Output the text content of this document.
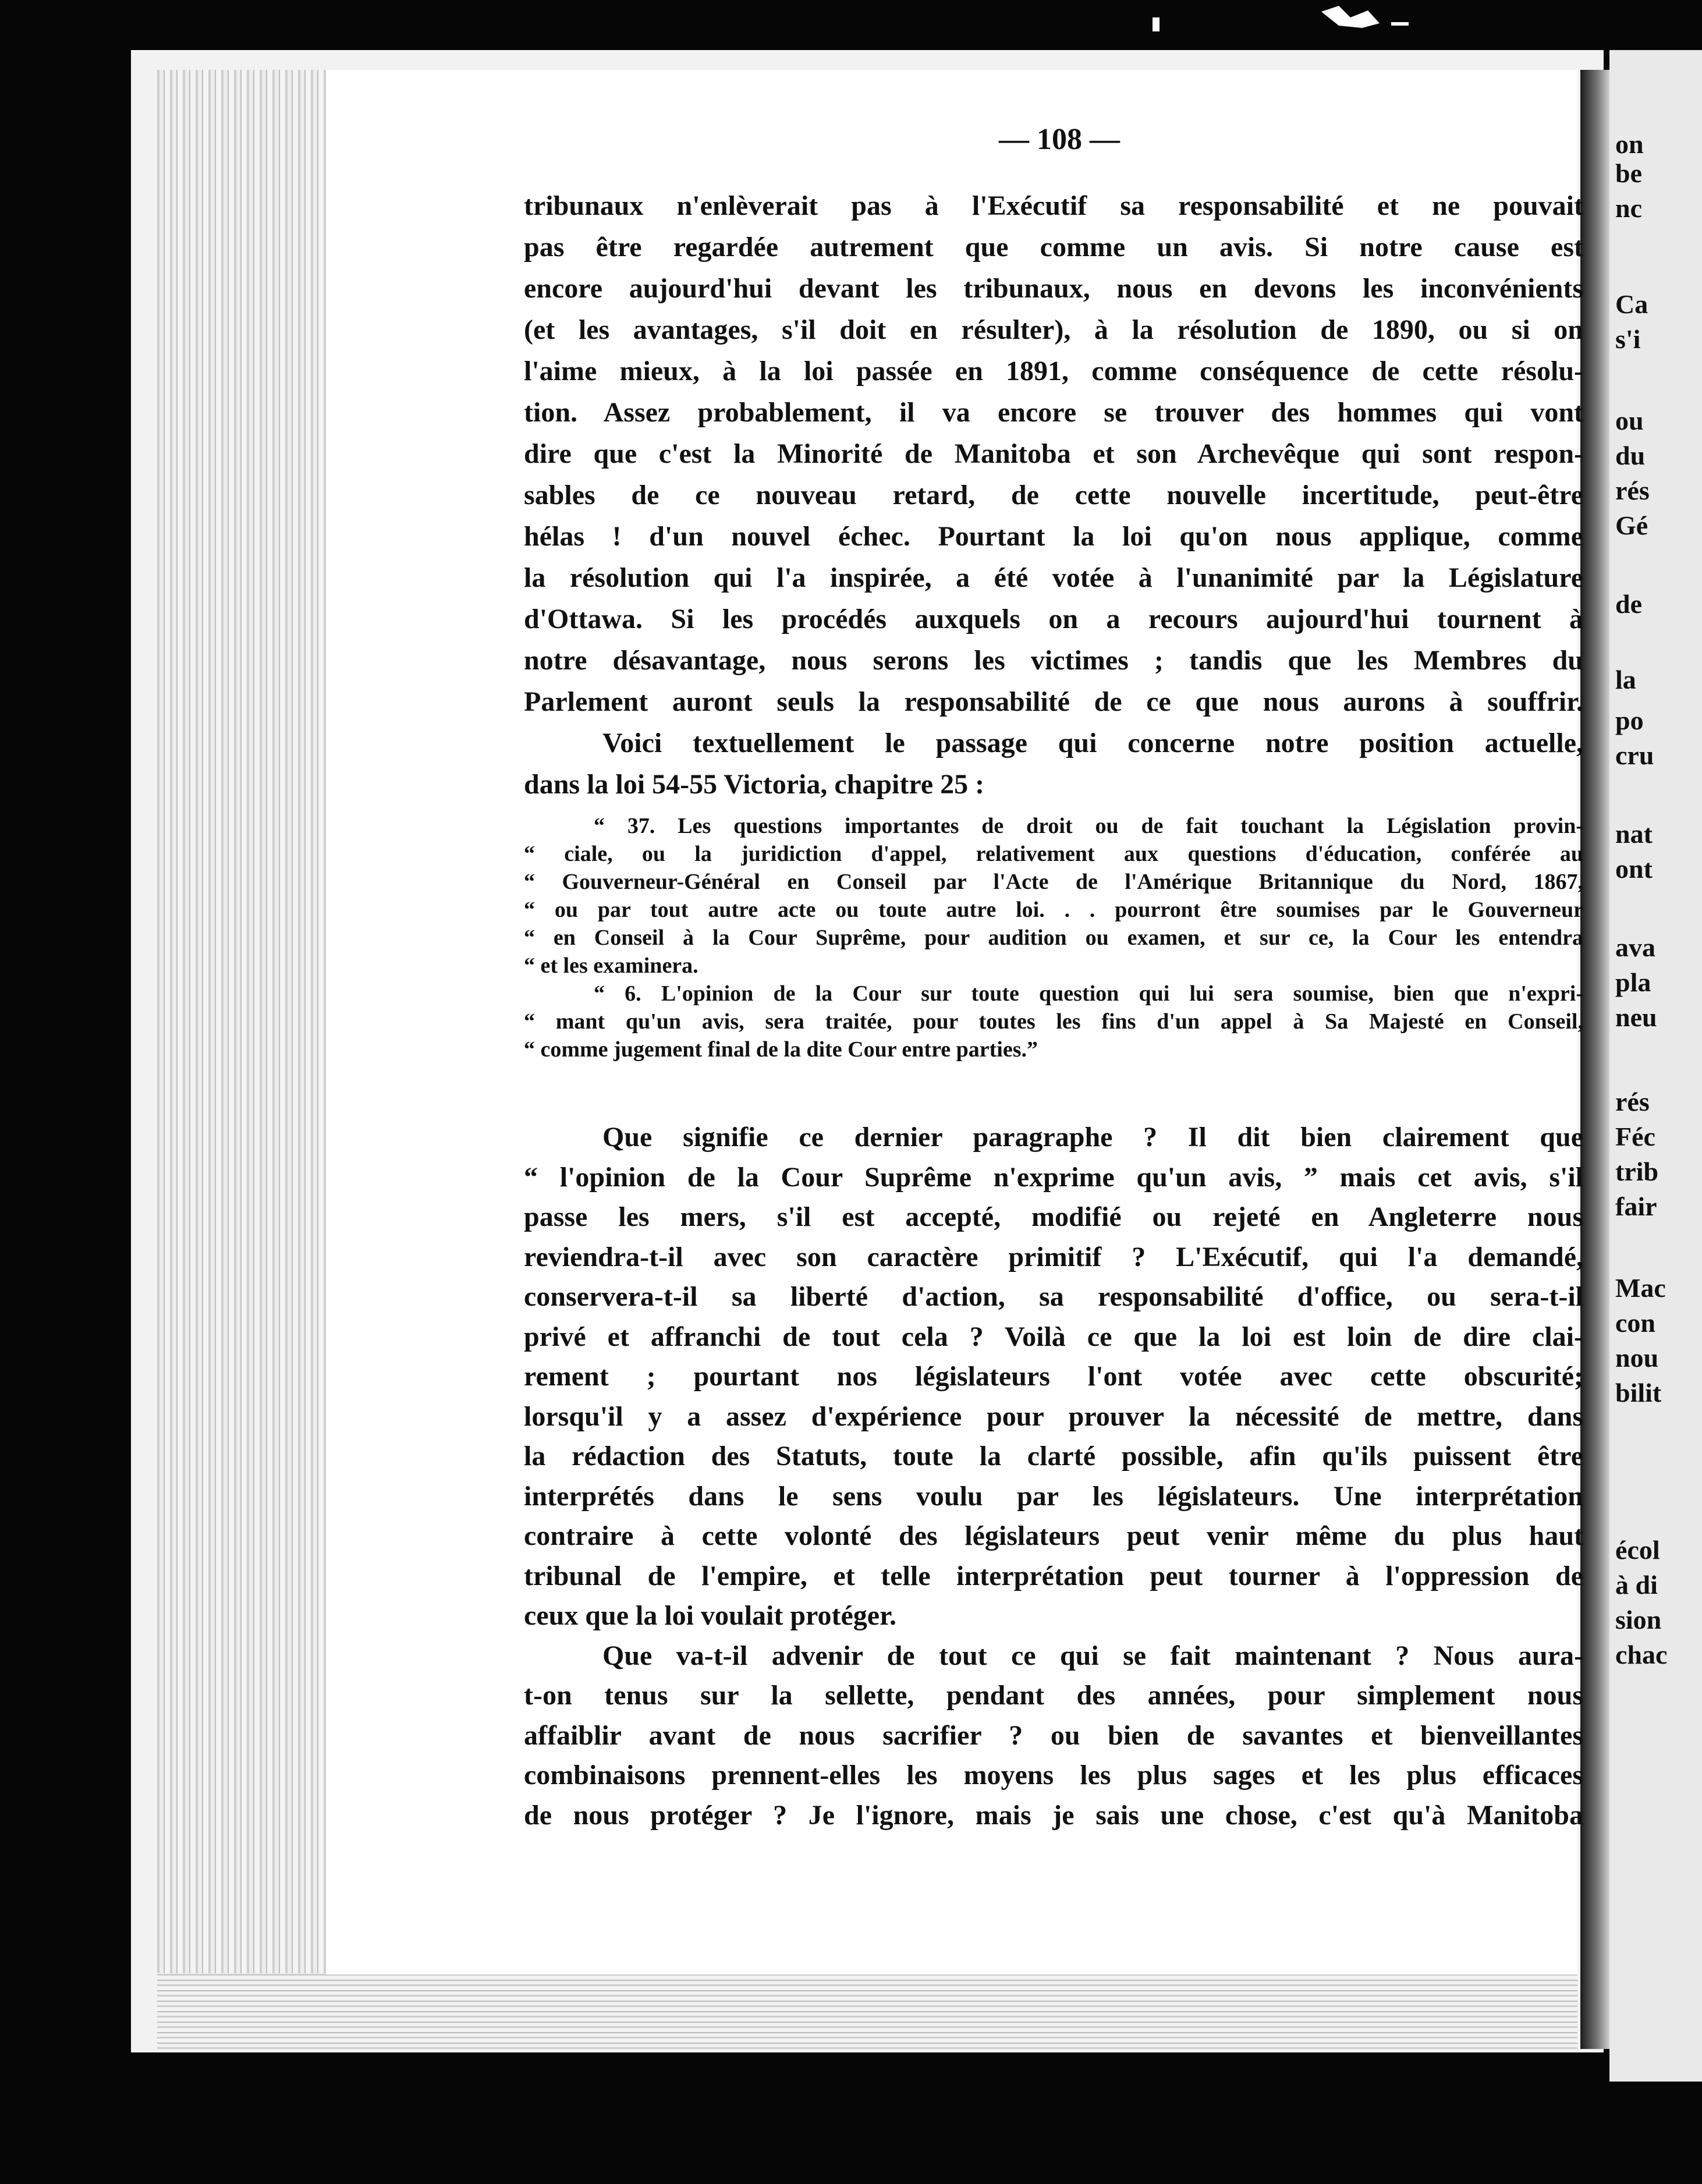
— 108 —
tribunaux n'enlèverait pas à l'Exécutif sa responsabilité et ne pouvait
pas être regardée autrement que comme un avis. Si notre cause est
encore aujourd'hui devant les tribunaux, nous en devons les inconvénients
(et les avantages, s'il doit en résulter), à la résolution de 1890, ou si on
l'aime mieux, à la loi passée en 1891, comme conséquence de cette résolu-
tion. Assez probablement, il va encore se trouver des hommes qui vont
dire que c'est la Minorité de Manitoba et son Archevêque qui sont respon-
sables de ce nouveau retard, de cette nouvelle incertitude, peut-être
hélas ! d'un nouvel échec. Pourtant la loi qu'on nous applique, comme
la résolution qui l'a inspirée, a été votée à l'unanimité par la Législature
d'Ottawa. Si les procédés auxquels on a recours aujourd'hui tournent à
notre désavantage, nous serons les victimes ; tandis que les Membres du
Parlement auront seuls la responsabilité de ce que nous aurons à souffrir.
Voici textuellement le passage qui concerne notre position actuelle,
dans la loi 54-55 Victoria, chapitre 25 :
“ 37. Les questions importantes de droit ou de fait touchant la Législation provin-
“ ciale, ou la juridiction d'appel, relativement aux questions d'éducation, conférée au
“ Gouverneur-Général en Conseil par l'Acte de l'Amérique Britannique du Nord, 1867,
“ ou par tout autre acte ou toute autre loi. . . pourront être soumises par le Gouverneur
“ en Conseil à la Cour Suprême, pour audition ou examen, et sur ce, la Cour les entendra
“ et les examinera.
“ 6. L'opinion de la Cour sur toute question qui lui sera soumise, bien que n'expri-
“ mant qu'un avis, sera traitée, pour toutes les fins d'un appel à Sa Majesté en Conseil,
“ comme jugement final de la dite Cour entre parties.”
Que signifie ce dernier paragraphe ? Il dit bien clairement que
“ l'opinion de la Cour Suprême n'exprime qu'un avis, ” mais cet avis, s'il
passe les mers, s'il est accepté, modifié ou rejeté en Angleterre nous
reviendra-t-il avec son caractère primitif ? L'Exécutif, qui l'a demandé,
conservera-t-il sa liberté d'action, sa responsabilité d'office, ou sera-t-il
privé et affranchi de tout cela ? Voilà ce que la loi est loin de dire clai-
rement ; pourtant nos législateurs l'ont votée avec cette obscurité;
lorsqu'il y a assez d'expérience pour prouver la nécessité de mettre, dans
la rédaction des Statuts, toute la clarté possible, afin qu'ils puissent être
interprétés dans le sens voulu par les législateurs. Une interprétation
contraire à cette volonté des législateurs peut venir même du plus haut
tribunal de l'empire, et telle interprétation peut tourner à l'oppression de
ceux que la loi voulait protéger.
Que va-t-il advenir de tout ce qui se fait maintenant ? Nous aura-
t-on tenus sur la sellette, pendant des années, pour simplement nous
affaiblir avant de nous sacrifier ? ou bien de savantes et bienveillantes
combinaisons prennent-elles les moyens les plus sages et les plus efficaces
de nous protéger ? Je l'ignore, mais je sais une chose, c'est qu'à Manitoba
on
be
nc
Ca
s'i
ou
du
rés
Gé
de
la
po
cru
nat
ont
ava
pla
neu
rés
Féc
trib
fair
Mac
con
nou
bilit
écol
à di
sion
chac
